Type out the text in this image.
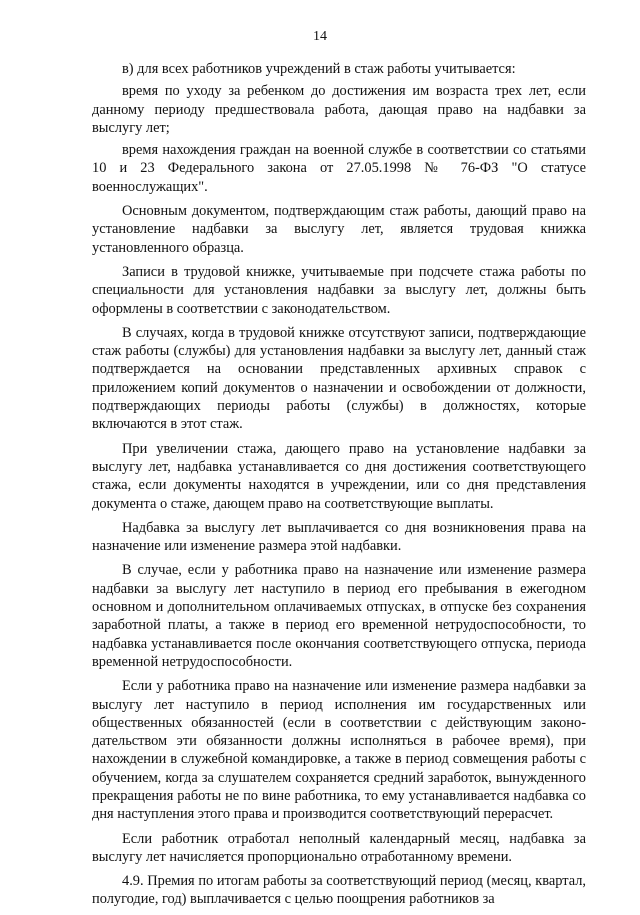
14

в) для всех работников учреждений в стаж работы учитывается:

время по уходу за ребенком до достижения им возраста трех лет, если данному периоду предшествовала работа, дающая право на надбавки за выслугу лет;

время нахождения граждан на военной службе в соответствии со статьями 10 и 23 Федерального закона от 27.05.1998 № 76-ФЗ "О статусе военнослужащих".

Основным документом, подтверждающим стаж работы, дающий право на установление надбавки за выслугу лет, является трудовая книжка установленного образца.

Записи в трудовой книжке, учитываемые при подсчете стажа работы по специальности для установления надбавки за выслугу лет, должны быть оформлены в соответствии с законодательством.

В случаях, когда в трудовой книжке отсутствуют записи, подтверждающие стаж работы (службы) для установления надбавки за выслугу лет, данный стаж подтверждается на основании представленных архивных справок с приложением копий документов о назначении и освобождении от должности, подтверждающих периоды работы (службы) в должностях, которые включаются в этот стаж.

При увеличении стажа, дающего право на установление надбавки за выслугу лет, надбавка устанавливается со дня достижения соответствующего стажа, если документы находятся в учреждении, или со дня представления документа о стаже, дающем право на соответствующие выплаты.

Надбавка за выслугу лет выплачивается со дня возникновения права на назначение или изменение размера этой надбавки.

В случае, если у работника право на назначение или изменение размера надбавки за выслугу лет наступило в период его пребывания в ежегодном основном и дополнительном оплачиваемых отпусках, в отпуске без сохранения заработной платы, а также в период его временной нетрудоспособности, то надбавка устанавливается после окончания соответствующего отпуска, периода временной нетрудоспособности.

Если у работника право на назначение или изменение размера надбавки за выслугу лет наступило в период исполнения им государственных или общественных обязанностей (если в соответствии с действующим законодательством эти обязанности должны исполняться в рабочее время), при нахождении в служебной командировке, а также в период совмещения работы с обучением, когда за слушателем сохраняется средний заработок, вынужденного прекращения работы не по вине работника, то ему устанавливается надбавка со дня наступления этого права и производится соответствующий перерасчет.

Если работник отработал неполный календарный месяц, надбавка за выслугу лет начисляется пропорционально отработанному времени.

4.9. Премия по итогам работы за соответствующий период (месяц, квартал, полугодие, год) выплачивается с целью поощрения работников за
